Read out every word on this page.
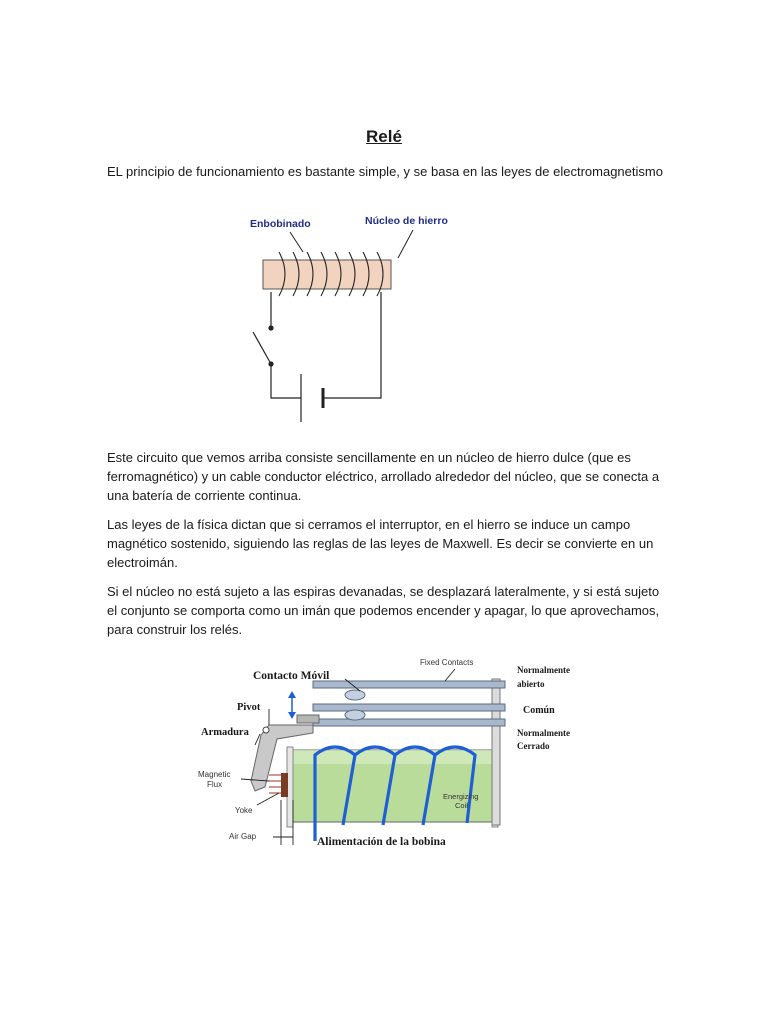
Relé

EL principio de funcionamiento es bastante simple, y se basa en las leyes de electromagnetismo

Enbobinado	Núcleo de hierro

Este circuito que vemos arriba consiste sencillamente en un núcleo de hierro dulce (que es ferromagnético) y un cable conductor eléctrico, arrollado alrededor del núcleo, que se conecta a una batería de corriente continua.

Las leyes de la física dictan que si cerramos el interruptor, en el hierro se induce un campo magnético sostenido, siguiendo las reglas de las leyes de Maxwell. Es decir se convierte en un electroimán.

Si el núcleo no está sujeto a las espiras devanadas, se desplazará lateralmente, y si está sujeto el conjunto se comporta como un imán que podemos encender y apagar, lo que aprovechamos, para construir los relés.

Contacto Móvil
Fixed Contacts
Normalmente
abierto
Común
Normalmente
Cerrado
Pivot
Armadura
Magnetic
Flux
Yoke
Energizing
Coil
Air Gap	Alimentación de la bobina
